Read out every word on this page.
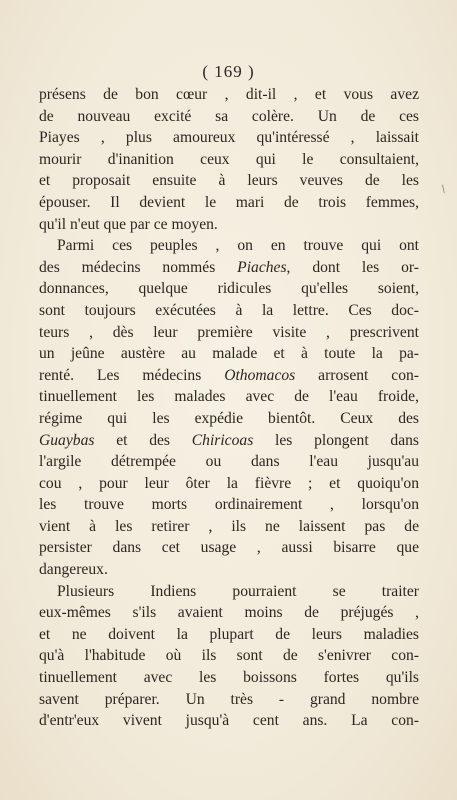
( 169 )
/
présens de bon cœur , dit-il , et vous avez
de nouveau excité sa colère. Un de ces
Piayes , plus amoureux qu'intéressé , laissait
mourir d'inanition ceux qui le consultaient,
et proposait ensuite à leurs veuves de les
épouser. Il devient le mari de trois femmes,
qu'il n'eut que par ce moyen.
Parmi ces peuples , on en trouve qui ont
des médecins nommés Piaches, dont les or-
donnances, quelque ridicules qu'elles soient,
sont toujours exécutées à la lettre. Ces doc-
teurs , dès leur première visite , prescrivent
un jeûne austère au malade et à toute la pa-
renté. Les médecins Othomacos arrosent con-
tinuellement les malades avec de l'eau froide,
régime qui les expédie bientôt. Ceux des
Guaybas et des Chiricoas les plongent dans
l'argile détrempée ou dans l'eau jusqu'au
cou , pour leur ôter la fièvre ; et quoiqu'on
les trouve morts ordinairement , lorsqu'on
vient à les retirer , ils ne laissent pas de
persister dans cet usage , aussi bisarre que
dangereux.
Plusieurs Indiens pourraient se traiter
eux-mêmes s'ils avaient moins de préjugés ,
et ne doivent la plupart de leurs maladies
qu'à l'habitude où ils sont de s'enivrer con-
tinuellement avec les boissons fortes qu'ils
savent préparer. Un très - grand nombre
d'entr'eux vivent jusqu'à cent ans. La con-
